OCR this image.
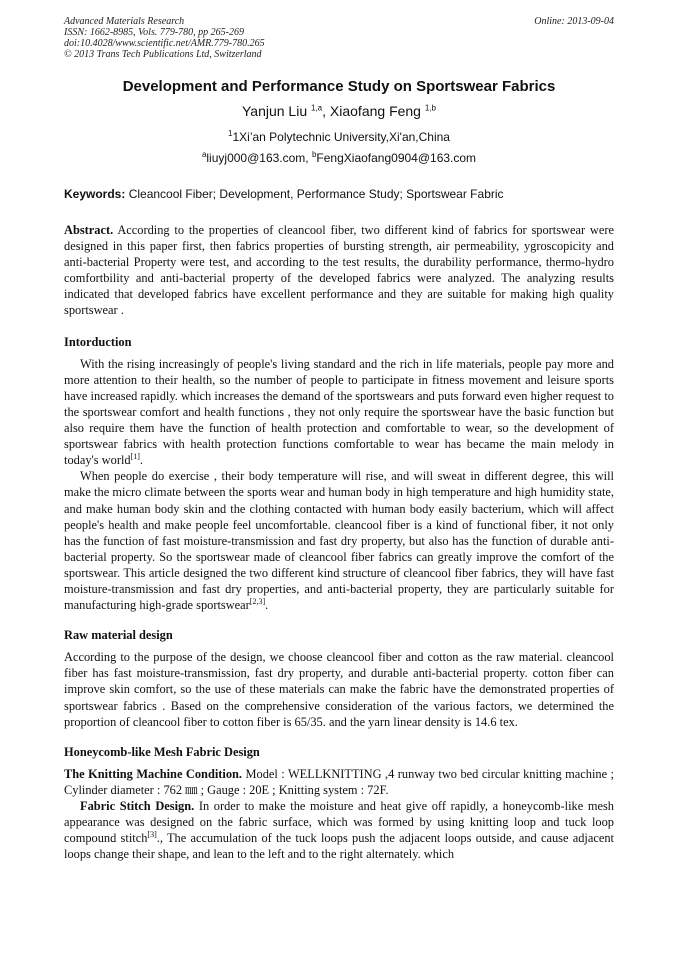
Advanced Materials Research
ISSN: 1662-8985, Vols. 779-780, pp 265-269
doi:10.4028/www.scientific.net/AMR.779-780.265
© 2013 Trans Tech Publications Ltd, Switzerland
Online: 2013-09-04
Development and Performance Study on Sportswear Fabrics
Yanjun Liu $^{1,a}$, Xiaofang Feng $^{1,b}$
$^1$1Xi’an Polytechnic University,Xi'an,China
$^a$liuyj000@163.com, $^b$FengXiaofang0904@163.com
Keywords: Cleancool Fiber; Development, Performance Study; Sportswear Fabric

Abstract. According to the properties of cleancool fiber, two different kind of fabrics for sportswear were designed in this paper first, then fabrics properties of bursting strength, air permeability, ygroscopicity and anti-bacterial Property were test, and according to the test results, the durability performance, thermo-hydro comfortbility and anti-bacterial property of the developed fabrics were analyzed. The analyzing results indicated that developed fabrics have excellent performance and they are suitable for making high quality sportswear .

Intorduction

With the rising increasingly of people's living standard and the rich in life materials, people pay more and more attention to their health, so the number of people to participate in fitness movement and leisure sports have increased rapidly. which increases the demand of the sportswears and puts forward even higher request to the sportswear comfort and health functions , they not only require the sportswear have the basic function but also require them have the function of health protection and comfortable to wear, so the development of sportswear fabrics with health protection functions comfortable to wear has became the main melody in today's world[1].

When people do exercise , their body temperature will rise, and will sweat in different degree, this will make the micro climate between the sports wear and human body in high temperature and high humidity state, and make human body skin and the clothing contacted with human body easily bacterium, which will affect people's health and make people feel uncomfortable. cleancool fiber is a kind of functional fiber, it not only has the function of fast moisture-transmission and fast dry property, but also has the function of durable anti-bacterial property. So the sportswear made of cleancool fiber fabrics can greatly improve the comfort of the sportswear. This article designed the two different kind structure of cleancool fiber fabrics, they will have fast moisture-transmission and fast dry properties, and anti-bacterial property, they are particularly suitable for manufacturing high-grade sportswear[2,3].

Raw material design

According to the purpose of the design, we choose cleancool fiber and cotton as the raw material. cleancool fiber has fast moisture-transmission, fast dry property, and durable anti-bacterial property. cotton fiber can improve skin comfort, so the use of these materials can make the fabric have the demonstrated properties of sportswear fabrics . Based on the comprehensive consideration of the various factors, we determined the proportion of cleancool fiber to cotton fiber is 65/35. and the yarn linear density is 14.6 tex.

Honeycomb-like Mesh Fabric Design

The Knitting Machine Condition. Model : WELLKNITTING ,4 runway two bed circular knitting machine ; Cylinder diameter : 762 ㎜ ; Gauge : 20E ; Knitting system : 72F.

Fabric Stitch Design. In order to make the moisture and heat give off rapidly, a honeycomb-like mesh appearance was designed on the fabric surface, which was formed by using knitting loop and tuck loop compound stitch[3]., The accumulation of the tuck loops push the adjacent loops outside, and cause adjacent loops change their shape, and lean to the left and to the right alternately. which
